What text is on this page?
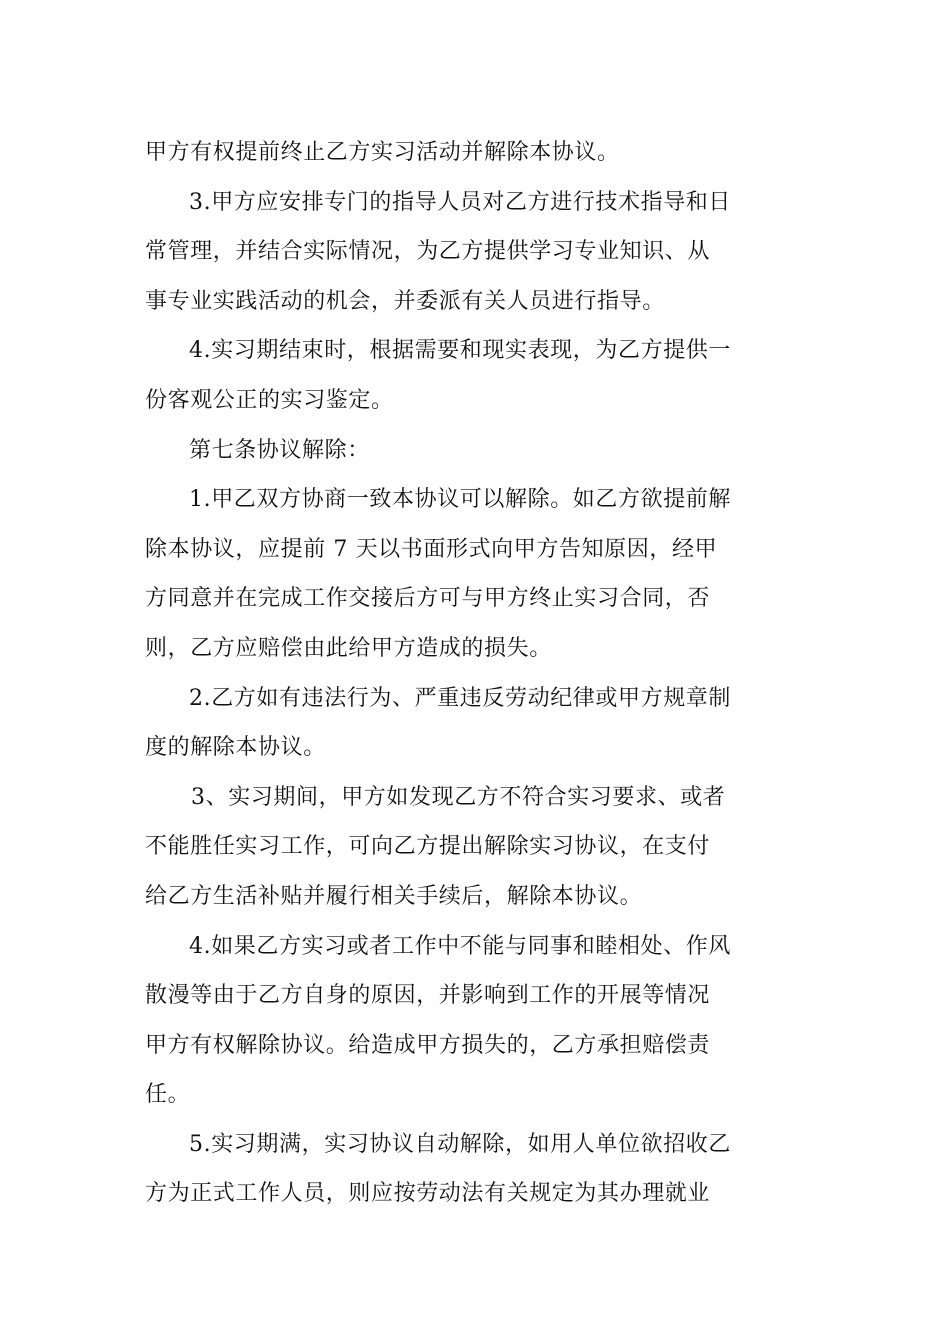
甲方有权提前终止乙方实习活动并解除本协议。
3.甲方应安排专门的指导人员对乙方进行技术指导和日
常管理，并结合实际情况，为乙方提供学习专业知识、从
事专业实践活动的机会，并委派有关人员进行指导。
4.实习期结束时，根据需要和现实表现，为乙方提供一
份客观公正的实习鉴定。
第七条协议解除：
1.甲乙双方协商一致本协议可以解除。如乙方欲提前解
除本协议，应提前 7 天以书面形式向甲方告知原因，经甲
方同意并在完成工作交接后方可与甲方终止实习合同，否
则，乙方应赔偿由此给甲方造成的损失。
2.乙方如有违法行为、严重违反劳动纪律或甲方规章制
度的解除本协议。
3、实习期间，甲方如发现乙方不符合实习要求、或者
不能胜任实习工作，可向乙方提出解除实习协议，在支付
给乙方生活补贴并履行相关手续后，解除本协议。
4.如果乙方实习或者工作中不能与同事和睦相处、作风
散漫等由于乙方自身的原因，并影响到工作的开展等情况
甲方有权解除协议。给造成甲方损失的，乙方承担赔偿责
任。
5.实习期满，实习协议自动解除，如用人单位欲招收乙
方为正式工作人员，则应按劳动法有关规定为其办理就业
